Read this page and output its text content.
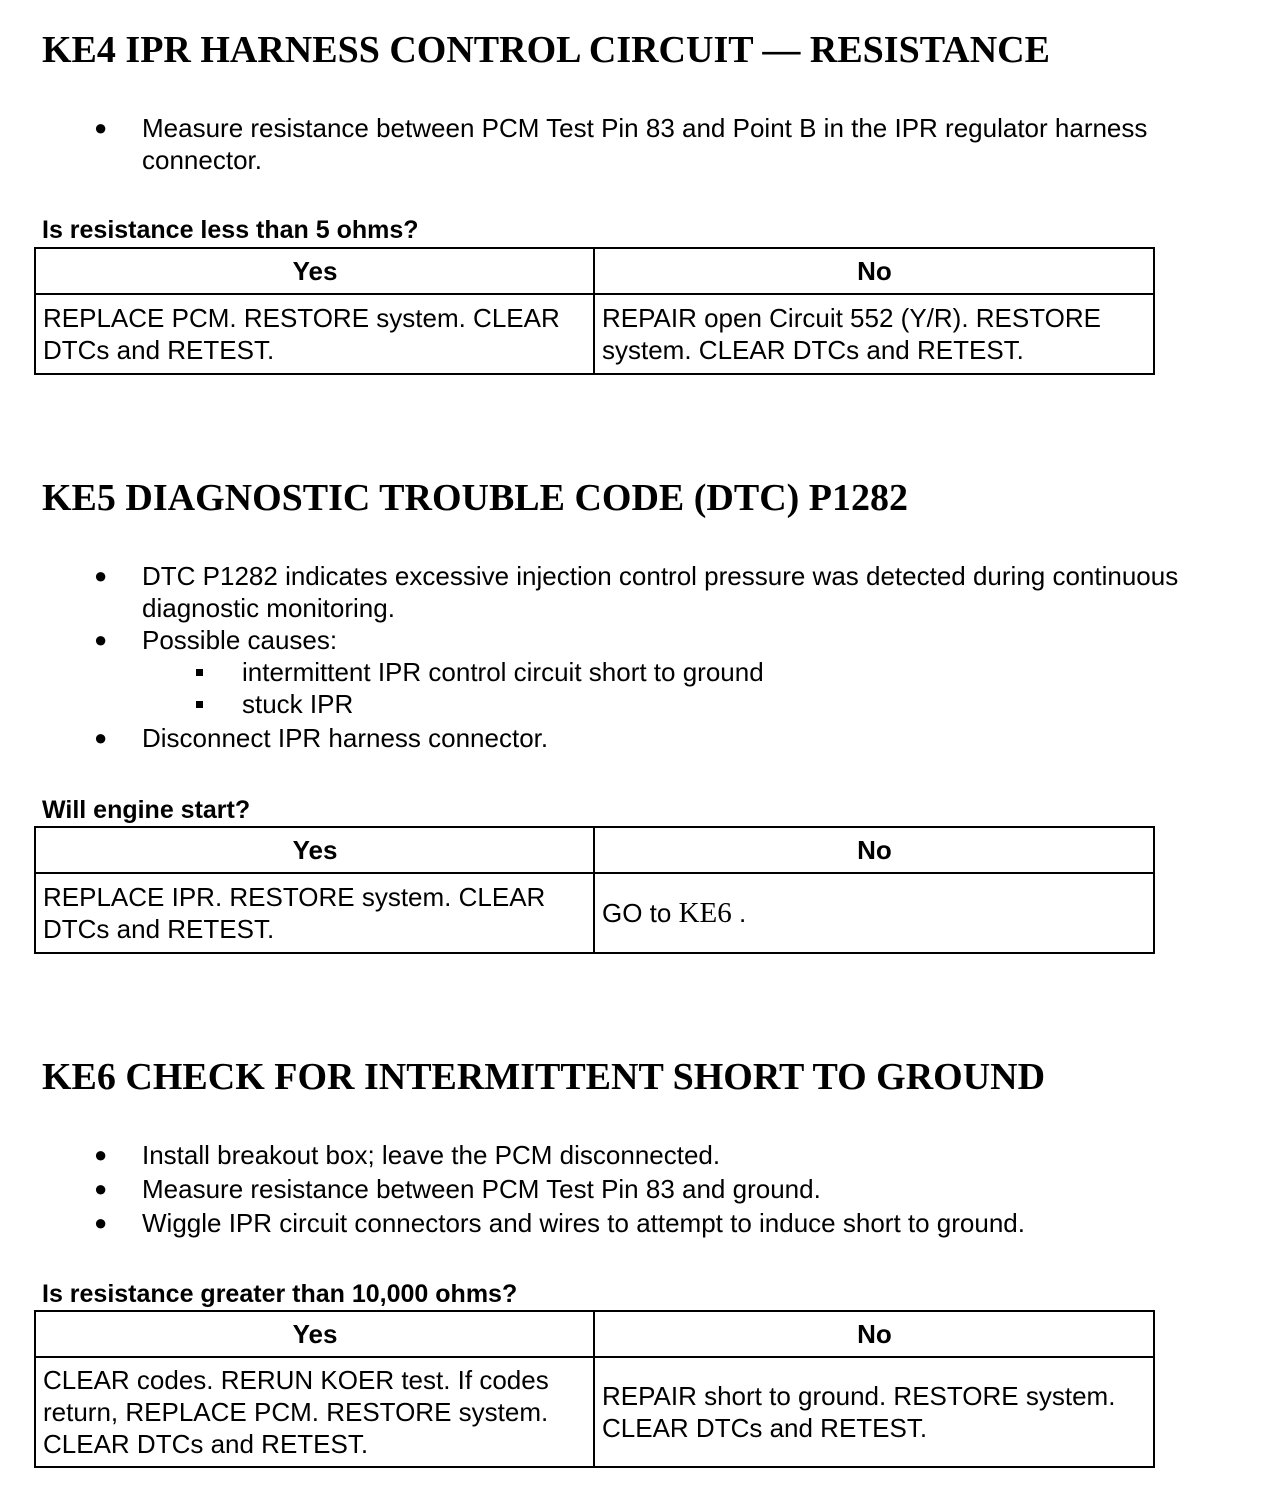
KE4 IPR HARNESS CONTROL CIRCUIT — RESISTANCE
● Measure resistance between PCM Test Pin 83 and Point B in the IPR regulator harness connector.

Is resistance less than 5 ohms?

Yes	No
REPLACE PCM. RESTORE system. CLEAR DTCs and RETEST.	REPAIR open Circuit 552 (Y/R). RESTORE system. CLEAR DTCs and RETEST.
KE5 DIAGNOSTIC TROUBLE CODE (DTC) P1282
● DTC P1282 indicates excessive injection control pressure was detected during continuous diagnostic monitoring.
● Possible causes:
intermittent IPR control circuit short to ground
stuck IPR
● Disconnect IPR harness connector.

Will engine start?

Yes	No
REPLACE IPR. RESTORE system. CLEAR DTCs and RETEST.	GO to KE6 .
KE6 CHECK FOR INTERMITTENT SHORT TO GROUND
● Install breakout box; leave the PCM disconnected.
● Measure resistance between PCM Test Pin 83 and ground.
● Wiggle IPR circuit connectors and wires to attempt to induce short to ground.

Is resistance greater than 10,000 ohms?

Yes	No
CLEAR codes. RERUN KOER test. If codes return, REPLACE PCM. RESTORE system. CLEAR DTCs and RETEST.	REPAIR short to ground. RESTORE system. CLEAR DTCs and RETEST.
